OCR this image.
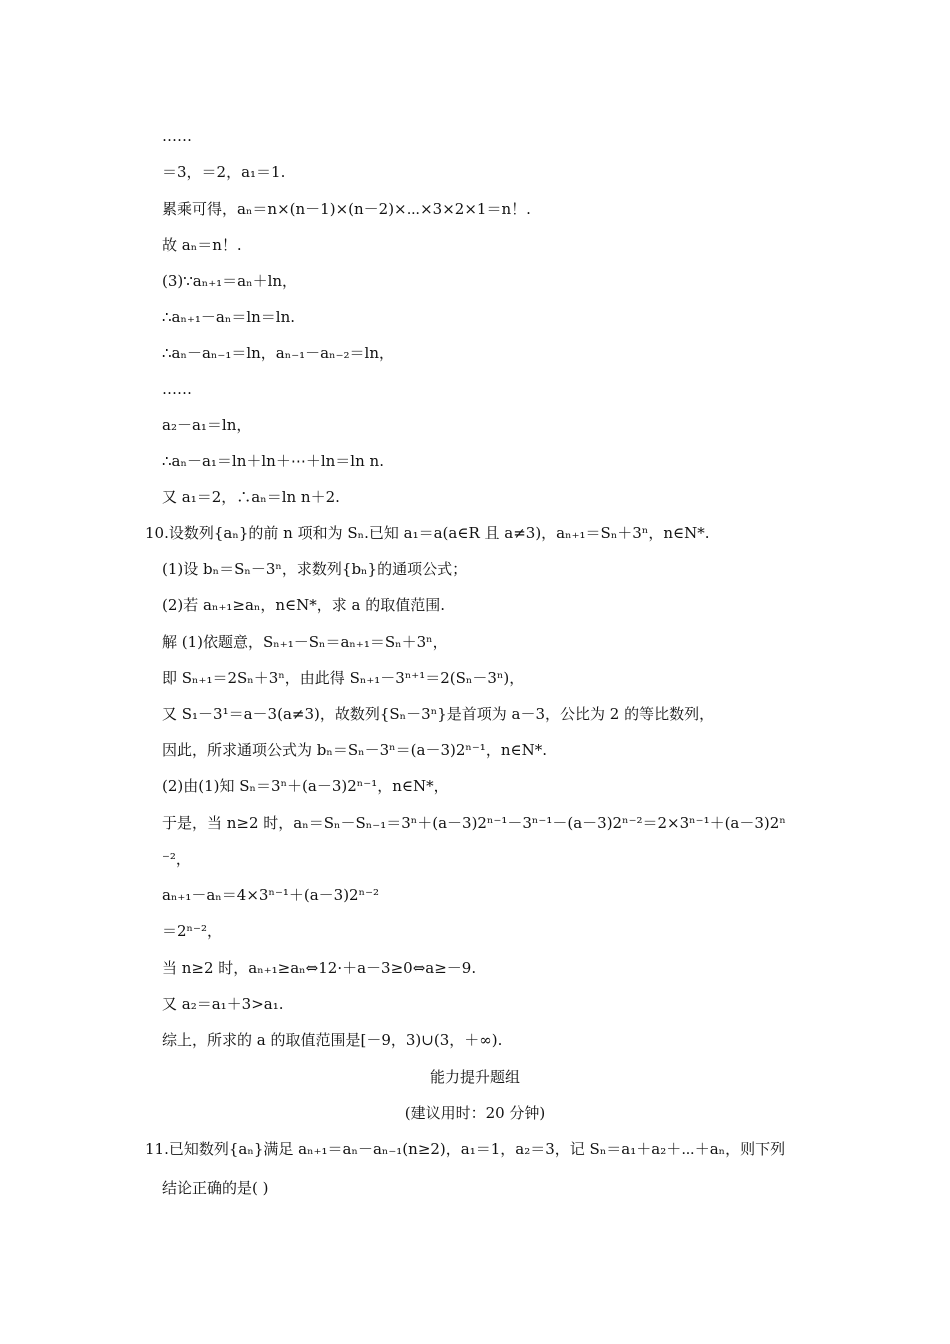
……
＝3，＝2，a₁＝1.
累乘可得，aₙ＝n×(n－1)×(n－2)×⋯×3×2×1＝n！.
故 aₙ＝n！.
(3)∵aₙ₊₁＝aₙ＋ln，
∴aₙ₊₁－aₙ＝ln＝ln.
∴aₙ－aₙ₋₁＝ln，aₙ₋₁－aₙ₋₂＝ln，
……
a₂－a₁＝ln，
∴aₙ－a₁＝ln＋ln＋⋯＋ln＝ln n.
又 a₁＝2，∴aₙ＝ln n＋2.
10.设数列{aₙ}的前 n 项和为 Sₙ.已知 a₁＝a(a∈R 且 a≠3)，aₙ₊₁＝Sₙ＋3ⁿ，n∈N*.
(1)设 bₙ＝Sₙ－3ⁿ，求数列{bₙ}的通项公式；
(2)若 aₙ₊₁≥aₙ，n∈N*，求 a 的取值范围.
解 (1)依题意，Sₙ₊₁－Sₙ＝aₙ₊₁＝Sₙ＋3ⁿ，
即 Sₙ₊₁＝2Sₙ＋3ⁿ，由此得 Sₙ₊₁－3ⁿ⁺¹＝2(Sₙ－3ⁿ)，
又 S₁－3¹＝a－3(a≠3)，故数列{Sₙ－3ⁿ}是首项为 a－3，公比为 2 的等比数列，
因此，所求通项公式为 bₙ＝Sₙ－3ⁿ＝(a－3)2ⁿ⁻¹，n∈N*.
(2)由(1)知 Sₙ＝3ⁿ＋(a－3)2ⁿ⁻¹，n∈N*，
于是，当 n≥2 时，aₙ＝Sₙ－Sₙ₋₁＝3ⁿ＋(a－3)2ⁿ⁻¹－3ⁿ⁻¹－(a－3)2ⁿ⁻²＝2×3ⁿ⁻¹＋(a－3)2ⁿ
⁻²，
aₙ₊₁－aₙ＝4×3ⁿ⁻¹＋(a－3)2ⁿ⁻²
＝2ⁿ⁻²，
当 n≥2 时，aₙ₊₁≥aₙ⇔12·＋a－3≥0⇔a≥－9.
又 a₂＝a₁＋3>a₁.
综上，所求的 a 的取值范围是[－9，3)∪(3，＋∞).
能力提升题组
(建议用时：20 分钟)
11.已知数列{aₙ}满足 aₙ₊₁＝aₙ－aₙ₋₁(n≥2)，a₁＝1，a₂＝3，记 Sₙ＝a₁＋a₂＋⋯＋aₙ，则下列
结论正确的是( )
